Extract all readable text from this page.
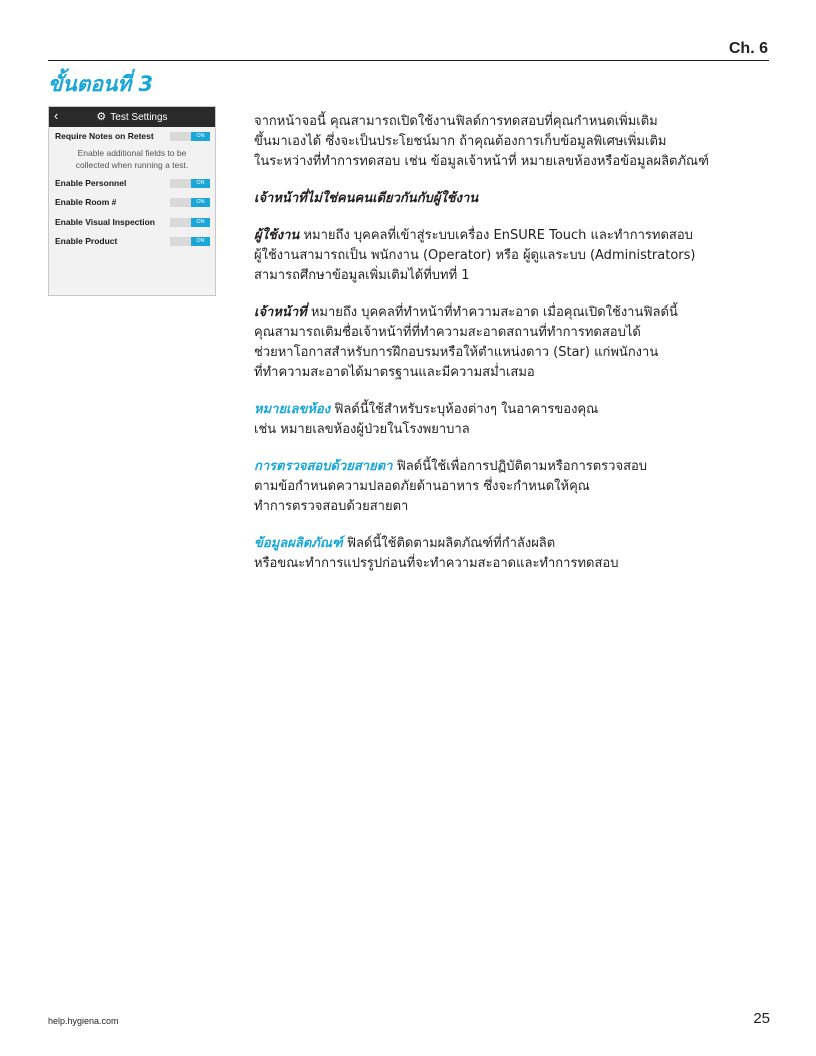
Ch. 6
ขั้นตอนที่ 3
‹	⚙ Test Settings
Require Notes on Retest	ON
Enable additional fields to be
collected when running a test.
Enable Personnel	ON
Enable Room #	ON
Enable Visual Inspection	ON
Enable Product	ON

จากหน้าจอนี้ คุณสามารถเปิดใช้งานฟิลด์การทดสอบที่คุณกำหนดเพิ่มเติม
ขึ้นมาเองได้ ซึ่งจะเป็นประโยชน์มาก ถ้าคุณต้องการเก็บข้อมูลพิเศษเพิ่มเติม
ในระหว่างที่ทำการทดสอบ เช่น ข้อมูลเจ้าหน้าที่ หมายเลขห้องหรือข้อมูลผลิตภัณฑ์

เจ้าหน้าที่ไม่ใช่คนคนเดียวกันกับผู้ใช้งาน

ผู้ใช้งาน หมายถึง บุคคลที่เข้าสู่ระบบเครื่อง EnSURE Touch และทำการทดสอบ
ผู้ใช้งานสามารถเป็น พนักงาน (Operator) หรือ ผู้ดูแลระบบ (Administrators)
สามารถศึกษาข้อมูลเพิ่มเติมได้ที่บทที่ 1

เจ้าหน้าที่ หมายถึง บุคคลที่ทำหน้าที่ทำความสะอาด เมื่อคุณเปิดใช้งานฟิลด์นี้
คุณสามารถเติมชื่อเจ้าหน้าที่ที่ทำความสะอาดสถานที่ทำการทดสอบได้
ช่วยหาโอกาสสำหรับการฝึกอบรมหรือให้ตำแหน่งดาว (Star) แก่พนักงาน
ที่ทำความสะอาดได้มาตรฐานและมีความสม่ำเสมอ

หมายเลขห้อง ฟิลด์นี้ใช้สำหรับระบุห้องต่างๆ ในอาคารของคุณ
เช่น หมายเลขห้องผู้ป่วยในโรงพยาบาล

การตรวจสอบด้วยสายตา ฟิลด์นี้ใช้เพื่อการปฏิบัติตามหรือการตรวจสอบ
ตามข้อกำหนดความปลอดภัยด้านอาหาร ซึ่งจะกำหนดให้คุณ
ทำการตรวจสอบด้วยสายตา

ข้อมูลผลิตภัณฑ์ ฟิลด์นี้ใช้ติดตามผลิตภัณฑ์ที่กำลังผลิต
หรือขณะทำการแปรรูปก่อนที่จะทำความสะอาดและทำการทดสอบ

help.hygiena.com	25
